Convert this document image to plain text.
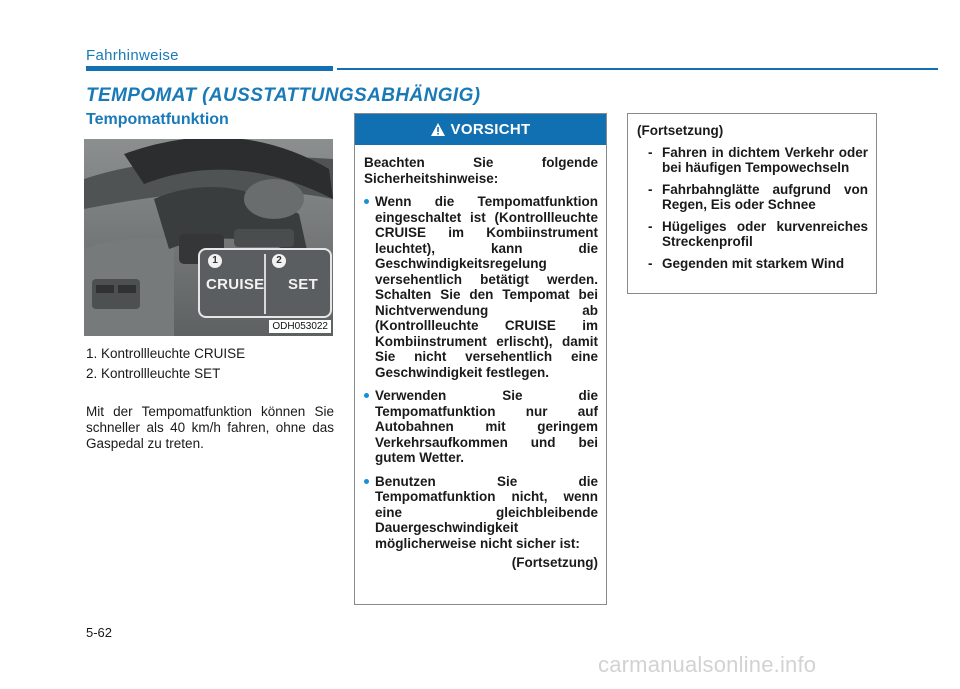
Fahrhinweise
TEMPOMAT (AUSSTATTUNGSABHÄNGIG)
Tempomatfunktion
ODH053022
1
CRUISE
2
SET
1. Kontrollleuchte CRUISE
2. Kontrollleuchte SET
Mit der Tempomatfunktion können Sie schneller als 40 km/h fahren, ohne das Gaspedal zu treten.
VORSICHT
Beachten Sie folgende Sicherheitshinweise:
Wenn die Tempomatfunktion eingeschaltet ist (Kontrollleuchte CRUISE im Kombiinstrument leuchtet), kann die Geschwindigkeitsregelung versehentlich betätigt werden. Schalten Sie den Tempomat bei Nichtverwendung ab (Kontrollleuchte CRUISE im Kombiinstrument erlischt), damit Sie nicht versehentlich eine Geschwindigkeit festlegen.
Verwenden Sie die Tempomatfunktion nur auf Autobahnen mit geringem Verkehrsaufkommen und bei gutem Wetter.
Benutzen Sie die Tempomatfunktion nicht, wenn eine gleichbleibende Dauergeschwindigkeit möglicherweise nicht sicher ist:
(Fortsetzung)
(Fortsetzung)
- Fahren in dichtem Verkehr oder bei häufigen Tempowechseln
- Fahrbahnglätte aufgrund von Regen, Eis oder Schnee
- Hügeliges oder kurvenreiches Streckenprofil
- Gegenden mit starkem Wind
5-62
carmanualsonline.info
